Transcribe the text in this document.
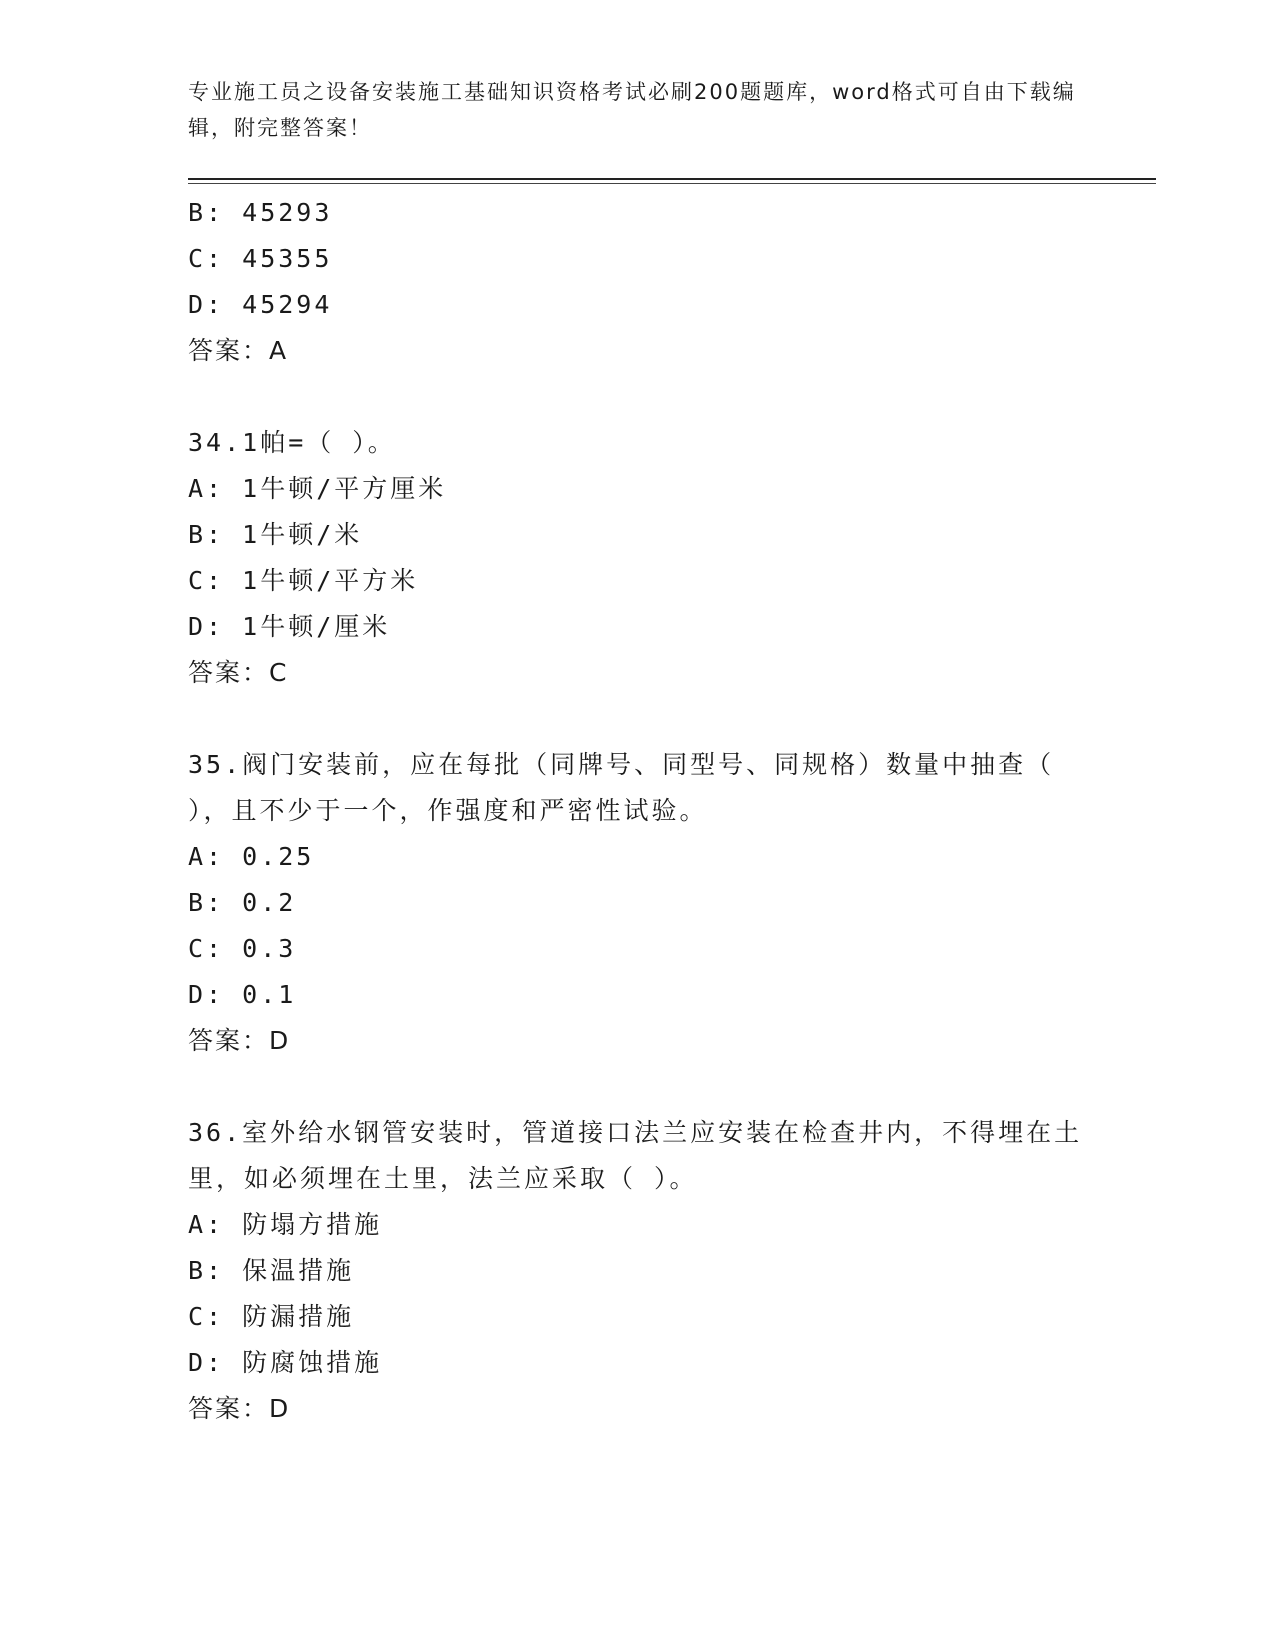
专业施工员之设备安装施工基础知识资格考试必刷200题题库，word格式可自由下载编辑，附完整答案！
B: 45293
C: 45355
D: 45294
答案：A
34.1帕=（ ）。
A: 1牛顿/平方厘米
B: 1牛顿/米
C: 1牛顿/平方米
D: 1牛顿/厘米
答案：C
35.阀门安装前，应在每批（同牌号、同型号、同规格）数量中抽查（ ），且不少于一个，作强度和严密性试验。
A: 0.25
B: 0.2
C: 0.3
D: 0.1
答案：D
36.室外给水钢管安装时，管道接口法兰应安装在检查井内，不得埋在土里，如必须埋在土里，法兰应采取（ ）。
A: 防塌方措施
B: 保温措施
C: 防漏措施
D: 防腐蚀措施
答案：D
